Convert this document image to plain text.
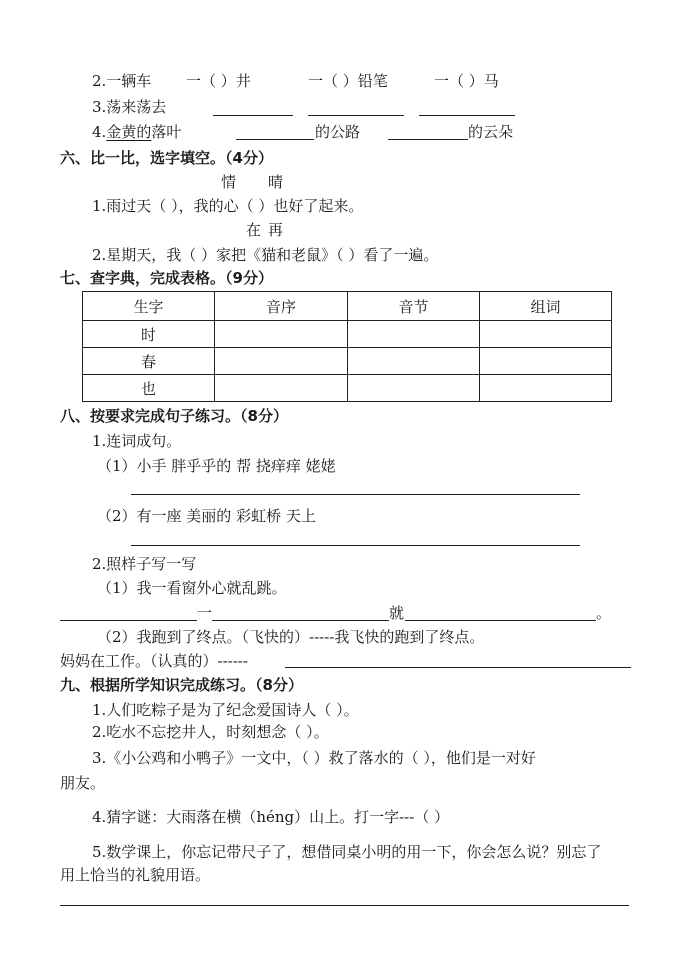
2.一辆车 一（ ）井	一（ ）铅笔	一（ ）马
3.荡来荡去
4.金黄的落叶	的公路	的云朵
六、比一比，选字填空。（4分）
情 晴
1.雨过天（ ），我的心（ ）也好了起来。
在 再
2.星期天，我（ ）家把《猫和老鼠》（ ）看了一遍。
七、查字典，完成表格。（9分）
生字	音序	音节	组词
时			
春			
也			
八、按要求完成句子练习。（8分）
1.连词成句。
（1）小手 胖乎乎的 帮 挠痒痒 姥姥
（2）有一座 美丽的 彩虹桥 天上
2.照样子写一写
（1）我一看窗外心就乱跳。
一	就	。
（2）我跑到了终点。（飞快的）-----我飞快的跑到了终点。
妈妈在工作。（认真的）------
九、根据所学知识完成练习。（8分）
1.人们吃粽子是为了纪念爱国诗人（ ）。
2.吃水不忘挖井人，时刻想念（ ）。
3.《小公鸡和小鸭子》一文中，（ ）救了落水的（ ），他们是一对好
朋友。
4.猜字谜：大雨落在横（héng）山上。打一字---（ ）
5.数学课上，你忘记带尺子了，想借同桌小明的用一下，你会怎么说？别忘了
用上恰当的礼貌用语。
